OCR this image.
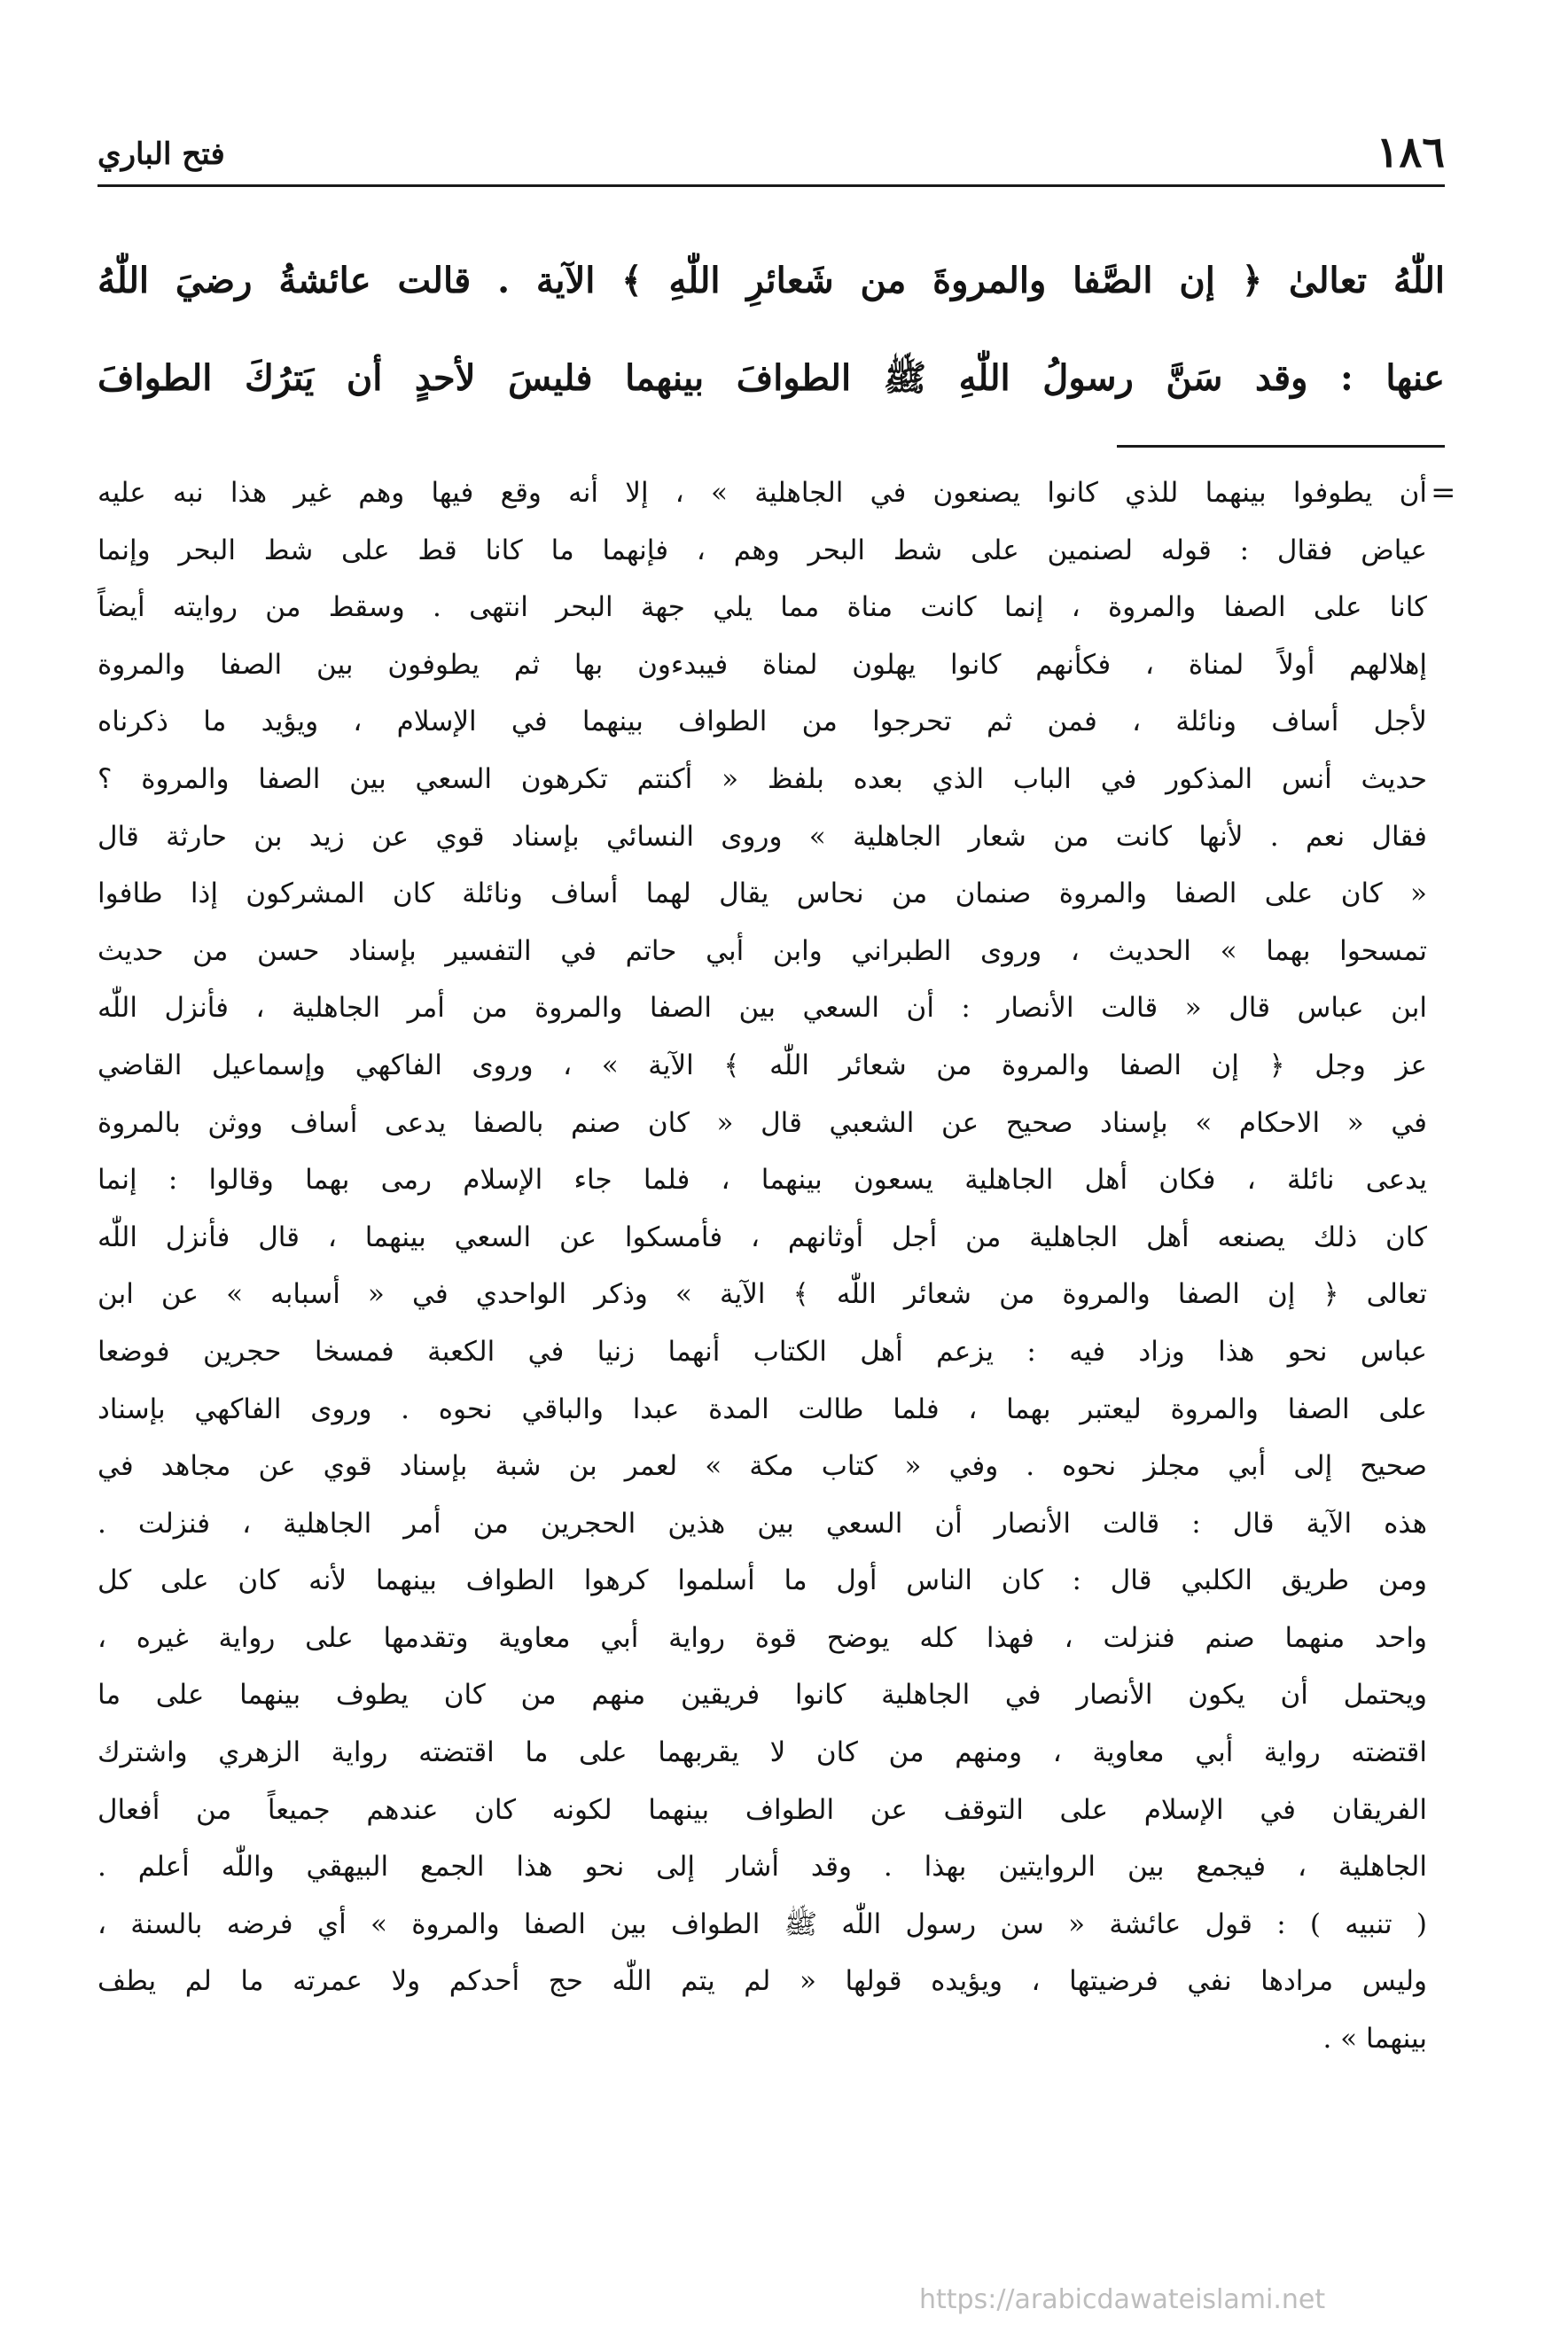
١٨٦
فتح الباري
اللّٰهُ تعالىٰ ﴿ إن الصَّفا والمروةَ من شَعائرِ اللّٰهِ ﴾ الآية . قالت عائشةُ رضيَ اللّٰهُ
عنها : وقد سَنَّ رسولُ اللّٰهِ ﷺ الطوافَ بينهما فليسَ لأحدٍ أن يَترُكَ الطوافَ
=
أن يطوفوا بينهما للذي كانوا يصنعون في الجاهلية » ، إلا أنه وقع فيها وهم غير هذا نبه عليه
عياض فقال : قوله لصنمين على شط البحر وهم ، فإنهما ما كانا قط على شط البحر وإنما
كانا على الصفا والمروة ، إنما كانت مناة مما يلي جهة البحر انتهى . وسقط من روايته أيضاً
إهلالهم أولاً لمناة ، فكأنهم كانوا يهلون لمناة فيبدءون بها ثم يطوفون بين الصفا والمروة
لأجل أساف ونائلة ، فمن ثم تحرجوا من الطواف بينهما في الإسلام ، ويؤيد ما ذكرناه
حديث أنس المذكور في الباب الذي بعده بلفظ « أكنتم تكرهون السعي بين الصفا والمروة ؟
فقال نعم . لأنها كانت من شعار الجاهلية » وروى النسائي بإسناد قوي عن زيد بن حارثة قال
« كان على الصفا والمروة صنمان من نحاس يقال لهما أساف ونائلة كان المشركون إذا طافوا
تمسحوا بهما » الحديث ، وروى الطبراني وابن أبي حاتم في التفسير بإسناد حسن من حديث
ابن عباس قال « قالت الأنصار : أن السعي بين الصفا والمروة من أمر الجاهلية ، فأنزل اللّٰه
عز وجل ﴿ إن الصفا والمروة من شعائر اللّٰه ﴾ الآية » ، وروى الفاكهي وإسماعيل القاضي
في « الاحكام » بإسناد صحيح عن الشعبي قال « كان صنم بالصفا يدعى أساف ووثن بالمروة
يدعى نائلة ، فكان أهل الجاهلية يسعون بينهما ، فلما جاء الإسلام رمى بهما وقالوا : إنما
كان ذلك يصنعه أهل الجاهلية من أجل أوثانهم ، فأمسكوا عن السعي بينهما ، قال فأنزل اللّٰه
تعالى ﴿ إن الصفا والمروة من شعائر اللّٰه ﴾ الآية » وذكر الواحدي في « أسبابه » عن ابن
عباس نحو هذا وزاد فيه : يزعم أهل الكتاب أنهما زنيا في الكعبة فمسخا حجرين فوضعا
على الصفا والمروة ليعتبر بهما ، فلما طالت المدة عبدا والباقي نحوه . وروى الفاكهي بإسناد
صحيح إلى أبي مجلز نحوه . وفي « كتاب مكة » لعمر بن شبة بإسناد قوي عن مجاهد في
هذه الآية قال : قالت الأنصار أن السعي بين هذين الحجرين من أمر الجاهلية ، فنزلت .
ومن طريق الكلبي قال : كان الناس أول ما أسلموا كرهوا الطواف بينهما لأنه كان على كل
واحد منهما صنم فنزلت ، فهذا كله يوضح قوة رواية أبي معاوية وتقدمها على رواية غيره ،
ويحتمل أن يكون الأنصار في الجاهلية كانوا فريقين منهم من كان يطوف بينهما على ما
اقتضته رواية أبي معاوية ، ومنهم من كان لا يقربهما على ما اقتضته رواية الزهري واشترك
الفريقان في الإسلام على التوقف عن الطواف بينهما لكونه كان عندهم جميعاً من أفعال
الجاهلية ، فيجمع بين الروايتين بهذا . وقد أشار إلى نحو هذا الجمع البيهقي واللّٰه أعلم .
( تنبيه ) : قول عائشة « سن رسول اللّٰه ﷺ الطواف بين الصفا والمروة » أي فرضه بالسنة ،
وليس مرادها نفي فرضيتها ، ويؤيده قولها « لم يتم اللّٰه حج أحدكم ولا عمرته ما لم يطف
بينهما » .
https://arabicdawateislami.net
